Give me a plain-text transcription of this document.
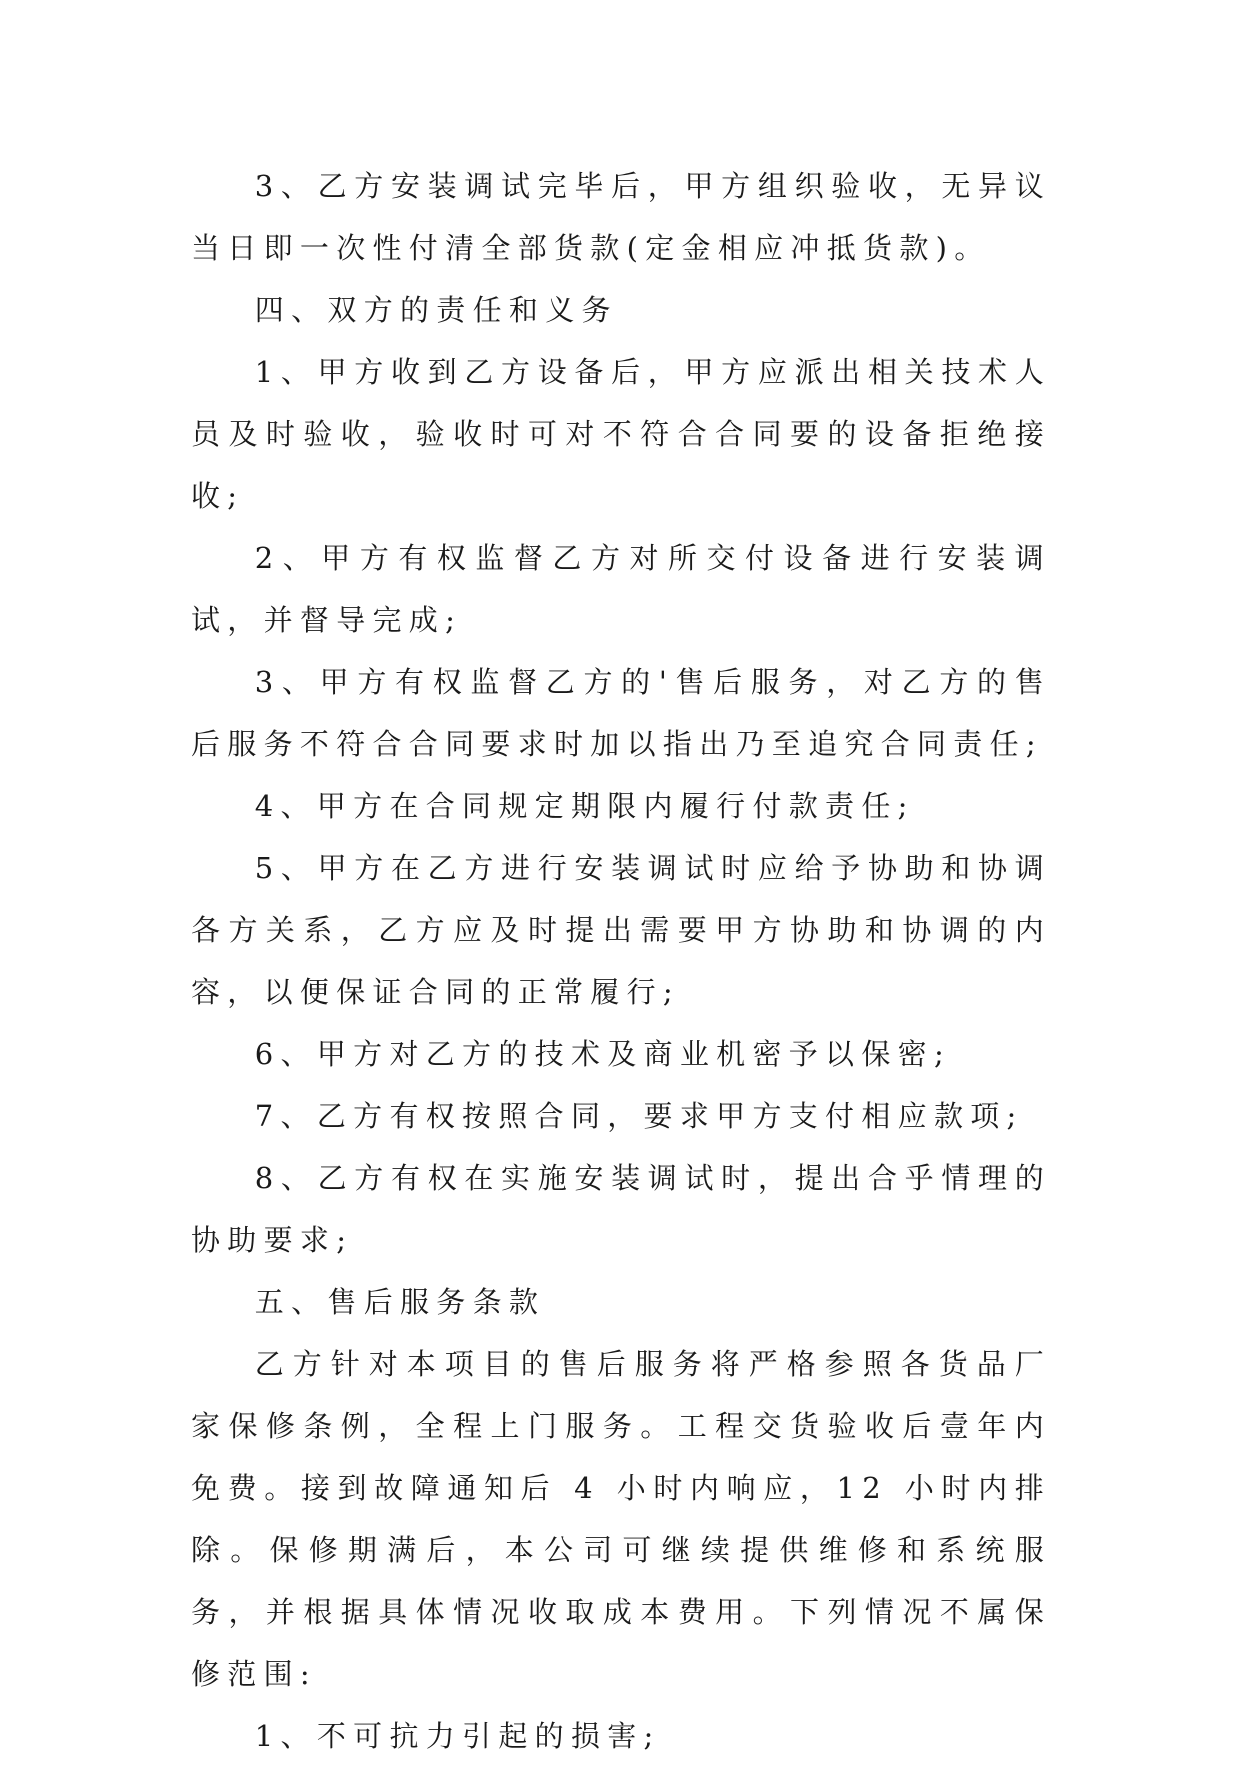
3、乙方安装调试完毕后，甲方组织验收，无异议当日即一次性付清全部货款(定金相应冲抵货款)。

四、双方的责任和义务

1、甲方收到乙方设备后，甲方应派出相关技术人员及时验收，验收时可对不符合合同要的设备拒绝接收;

2、甲方有权监督乙方对所交付设备进行安装调试，并督导完成;

3、甲方有权监督乙方的'售后服务，对乙方的售后服务不符合合同要求时加以指出乃至追究合同责任;

4、甲方在合同规定期限内履行付款责任;

5、甲方在乙方进行安装调试时应给予协助和协调各方关系，乙方应及时提出需要甲方协助和协调的内容，以便保证合同的正常履行;

6、甲方对乙方的技术及商业机密予以保密;

7、乙方有权按照合同，要求甲方支付相应款项;

8、乙方有权在实施安装调试时，提出合乎情理的协助要求;

五、售后服务条款

乙方针对本项目的售后服务将严格参照各货品厂家保修条例，全程上门服务。工程交货验收后壹年内免费。接到故障通知后 4 小时内响应，12 小时内排除。保修期满后，本公司可继续提供维修和系统服务，并根据具体情况收取成本费用。下列情况不属保修范围:

1、不可抗力引起的损害;
